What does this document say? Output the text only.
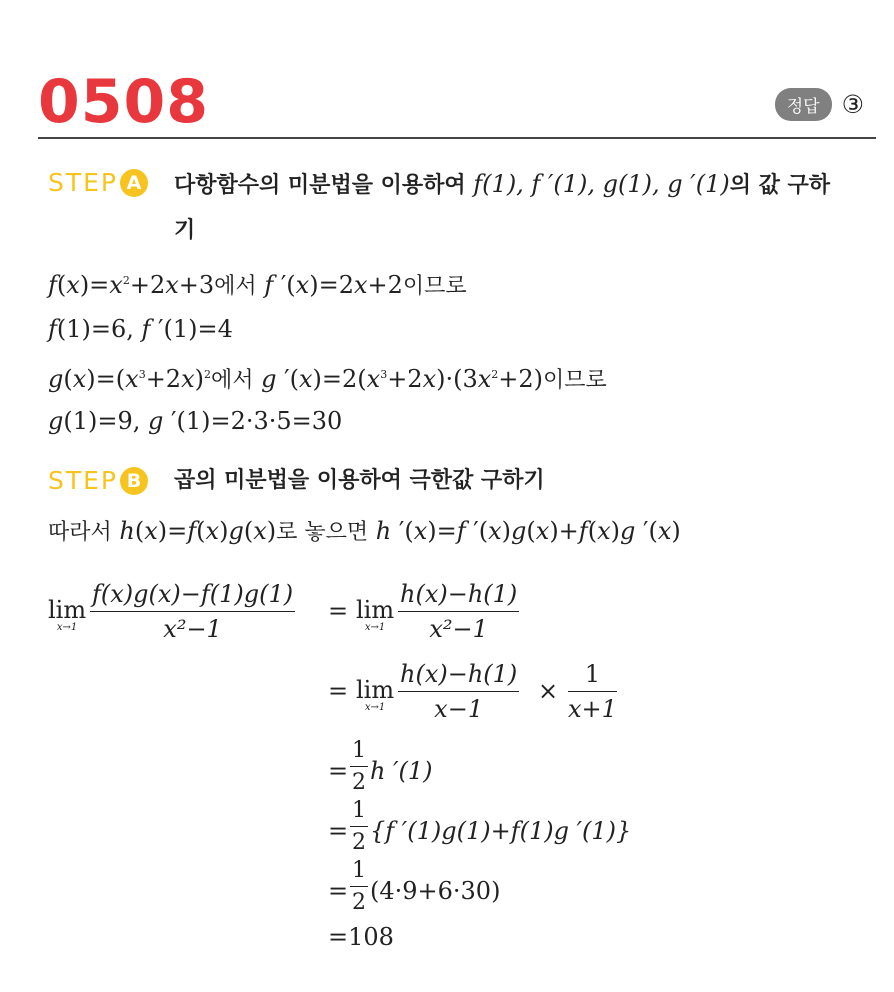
0508	정답 ③
STEP A	다항함수의 미분법을 이용하여 f(1), f ′(1), g(1), g ′(1)의 값 구하기
$f(x)=x^2+2x+3$에서 f ′(x)=2x+2이므로
f(1)=6, f ′(1)=4
$g(x)=(x^3+2x)^2$에서 g $'(x)=2(x^3+2x)\cdot(3x^2+2)$이므로
g(1)=9, g ′(1)=2·3·5=30
STEP B	곱의 미분법을 이용하여 극한값 구하기
따라서 h(x)=f(x)g(x)로 놓으면 h ′(x)=f ′(x)g(x)+f(x)g ′(x)
lim
$x\to 1 \frac{f(x)g(x)-f(1)g(1)}{\text{x²−1}} = \lim$
$x\to 1 \frac{h(x)-h(1)}{\text{x²−1}}$
= lim
$x\to 1 \frac{h(x)-h(1)}{x-1} \times \frac{1}{x+1}$
= $\frac{1}{2}$ h ′(1)
= $\frac{1}{2} \{f$ ′(1)g(1)+f(1)g ′(1)}
= $\frac{1}{2} (4\cdot 9+6\cdot 30)$
=108
